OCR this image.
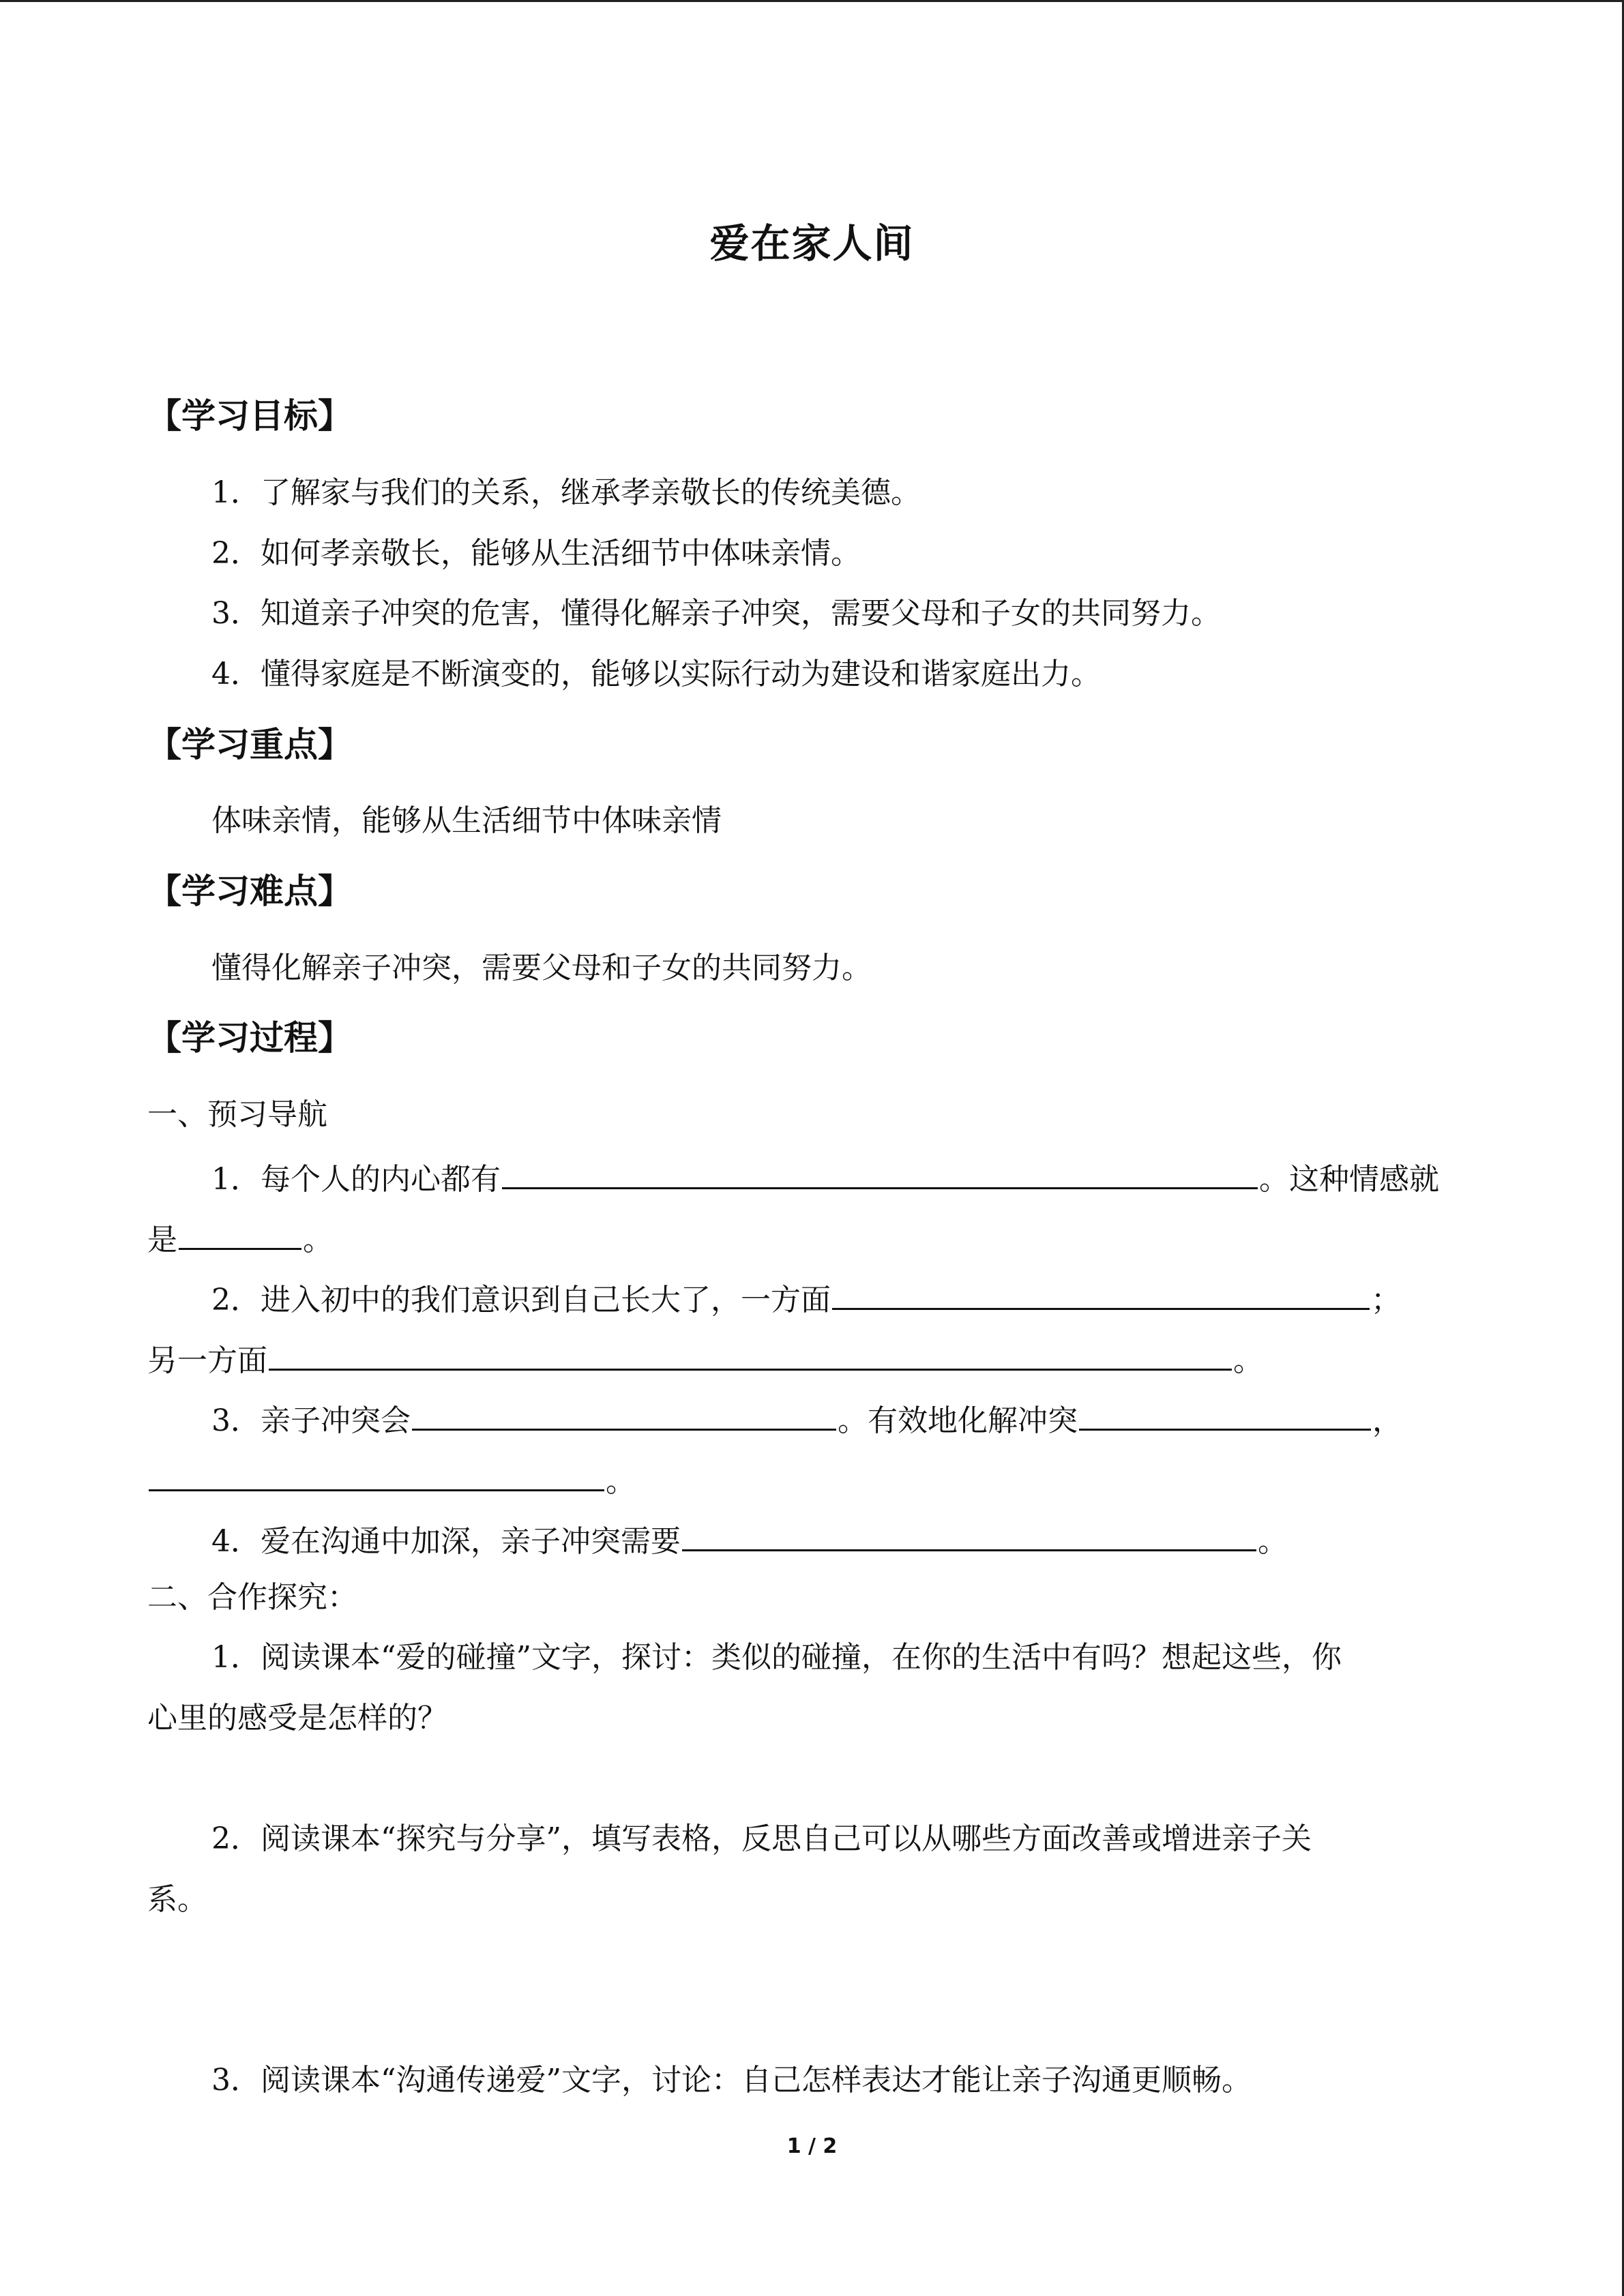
爱在家人间
【学习目标】
1．了解家与我们的关系，继承孝亲敬长的传统美德。
2．如何孝亲敬长，能够从生活细节中体味亲情。
3．知道亲子冲突的危害，懂得化解亲子冲突，需要父母和子女的共同努力。
4．懂得家庭是不断演变的，能够以实际行动为建设和谐家庭出力。
【学习重点】
体味亲情，能够从生活细节中体味亲情
【学习难点】
懂得化解亲子冲突，需要父母和子女的共同努力。
【学习过程】
一、预习导航
1．每个人的内心都有	。这种情感就
是	。
2．进入初中的我们意识到自己长大了，一方面	；
另一方面	。
3．亲子冲突会	。有效地化解冲突	，
。
4．爱在沟通中加深，亲子冲突需要	。
二、合作探究：
1．阅读课本“爱的碰撞”文字，探讨：类似的碰撞，在你的生活中有吗？想起这些，你
心里的感受是怎样的？
2．阅读课本“探究与分享”，填写表格，反思自己可以从哪些方面改善或增进亲子关
系。
3．阅读课本“沟通传递爱”文字，讨论：自己怎样表达才能让亲子沟通更顺畅。
1 / 2
